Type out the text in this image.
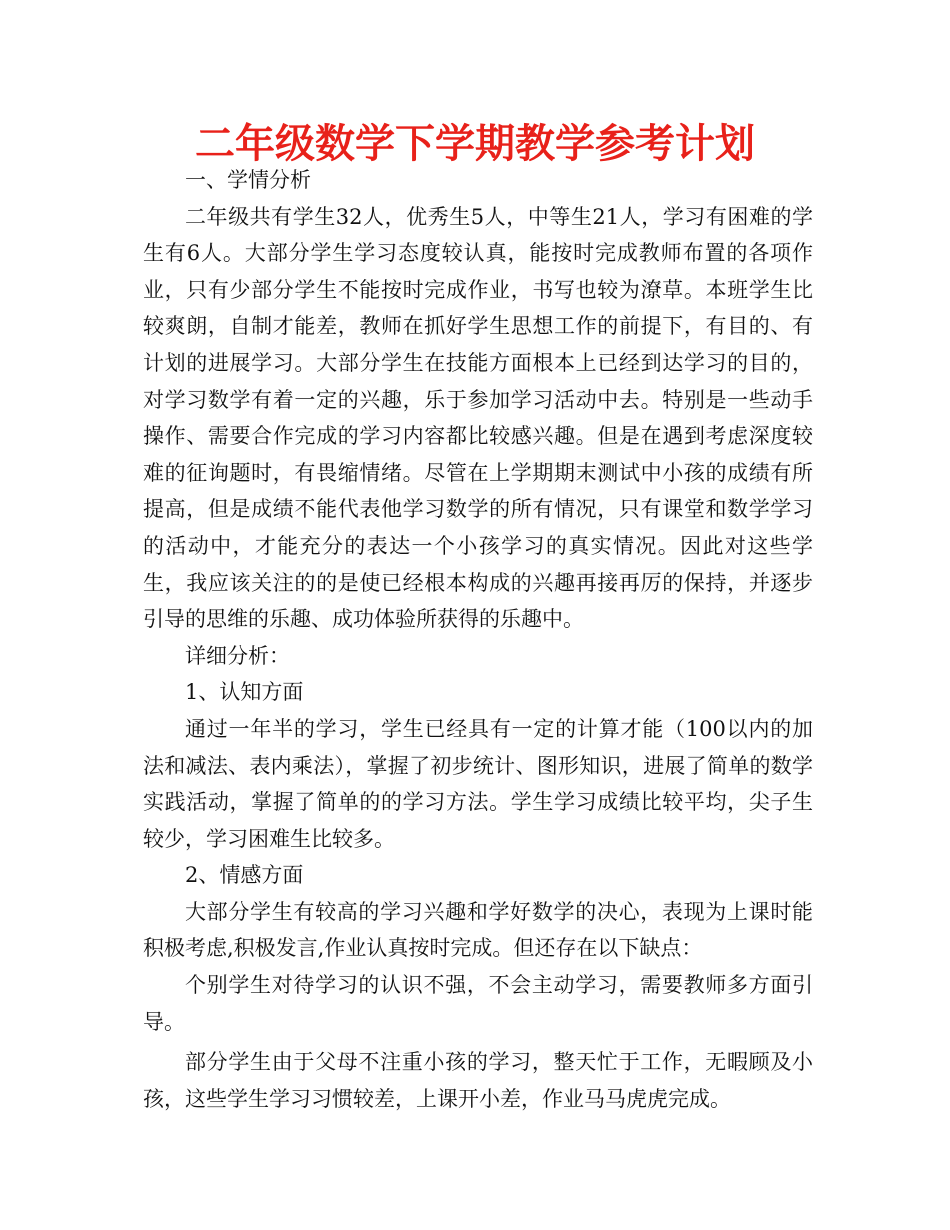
二年级数学下学期教学参考计划

一、学情分析

二年级共有学生32人，优秀生5人，中等生21人，学习有困难的学生有6人。大部分学生学习态度较认真，能按时完成教师布置的各项作业，只有少部分学生不能按时完成作业，书写也较为潦草。本班学生比较爽朗，自制才能差，教师在抓好学生思想工作的前提下，有目的、有计划的进展学习。大部分学生在技能方面根本上已经到达学习的目的，对学习数学有着一定的兴趣，乐于参加学习活动中去。特别是一些动手操作、需要合作完成的学习内容都比较感兴趣。但是在遇到考虑深度较难的征询题时，有畏缩情绪。尽管在上学期期末测试中小孩的成绩有所提高，但是成绩不能代表他学习数学的所有情况，只有课堂和数学学习的活动中，才能充分的表达一个小孩学习的真实情况。因此对这些学生，我应该关注的的是使已经根本构成的兴趣再接再厉的保持，并逐步引导的思维的乐趣、成功体验所获得的乐趣中。

详细分析：

1、认知方面

通过一年半的学习，学生已经具有一定的计算才能（100以内的加法和减法、表内乘法），掌握了初步统计、图形知识，进展了简单的数学实践活动，掌握了简单的的学习方法。学生学习成绩比较平均，尖子生较少，学习困难生比较多。

2、情感方面

大部分学生有较高的学习兴趣和学好数学的决心，表现为上课时能积极考虑,积极发言,作业认真按时完成。但还存在以下缺点：

个别学生对待学习的认识不强，不会主动学习，需要教师多方面引导。

部分学生由于父母不注重小孩的学习，整天忙于工作，无暇顾及小孩，这些学生学习习惯较差，上课开小差，作业马马虎虎完成。
